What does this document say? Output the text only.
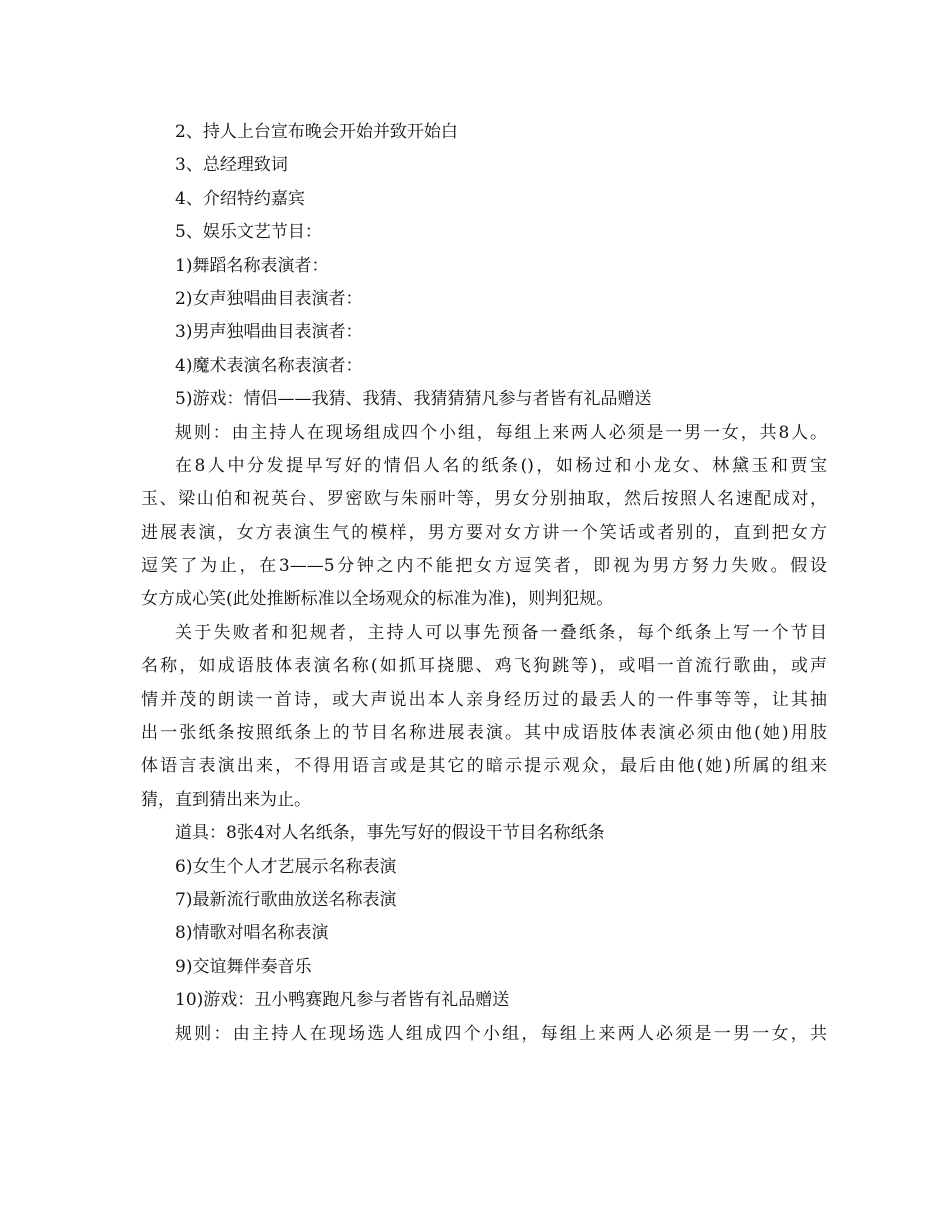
2、持人上台宣布晚会开始并致开始白
3、总经理致词
4、介绍特约嘉宾
5、娱乐文艺节目：
1)舞蹈名称表演者：
2)女声独唱曲目表演者：
3)男声独唱曲目表演者：
4)魔术表演名称表演者：
5)游戏：情侣——我猜、我猜、我猜猜猜凡参与者皆有礼品赠送
规则：由主持人在现场组成四个小组，每组上来两人必须是一男一女，共8人。
在8人中分发提早写好的情侣人名的纸条()，如杨过和小龙女、林黛玉和贾宝
玉、梁山伯和祝英台、罗密欧与朱丽叶等，男女分别抽取，然后按照人名速配成对，
进展表演，女方表演生气的模样，男方要对女方讲一个笑话或者别的，直到把女方
逗笑了为止，在3——5分钟之内不能把女方逗笑者，即视为男方努力失败。假设
女方成心笑(此处推断标准以全场观众的标准为准)，则判犯规。
关于失败者和犯规者，主持人可以事先预备一叠纸条，每个纸条上写一个节目
名称，如成语肢体表演名称(如抓耳挠腮、鸡飞狗跳等)，或唱一首流行歌曲，或声
情并茂的朗读一首诗，或大声说出本人亲身经历过的最丢人的一件事等等，让其抽
出一张纸条按照纸条上的节目名称进展表演。其中成语肢体表演必须由他(她)用肢
体语言表演出来，不得用语言或是其它的暗示提示观众，最后由他(她)所属的组来
猜，直到猜出来为止。
道具：8张4对人名纸条，事先写好的假设干节目名称纸条
6)女生个人才艺展示名称表演
7)最新流行歌曲放送名称表演
8)情歌对唱名称表演
9)交谊舞伴奏音乐
10)游戏：丑小鸭赛跑凡参与者皆有礼品赠送
规则：由主持人在现场选人组成四个小组，每组上来两人必须是一男一女，共
